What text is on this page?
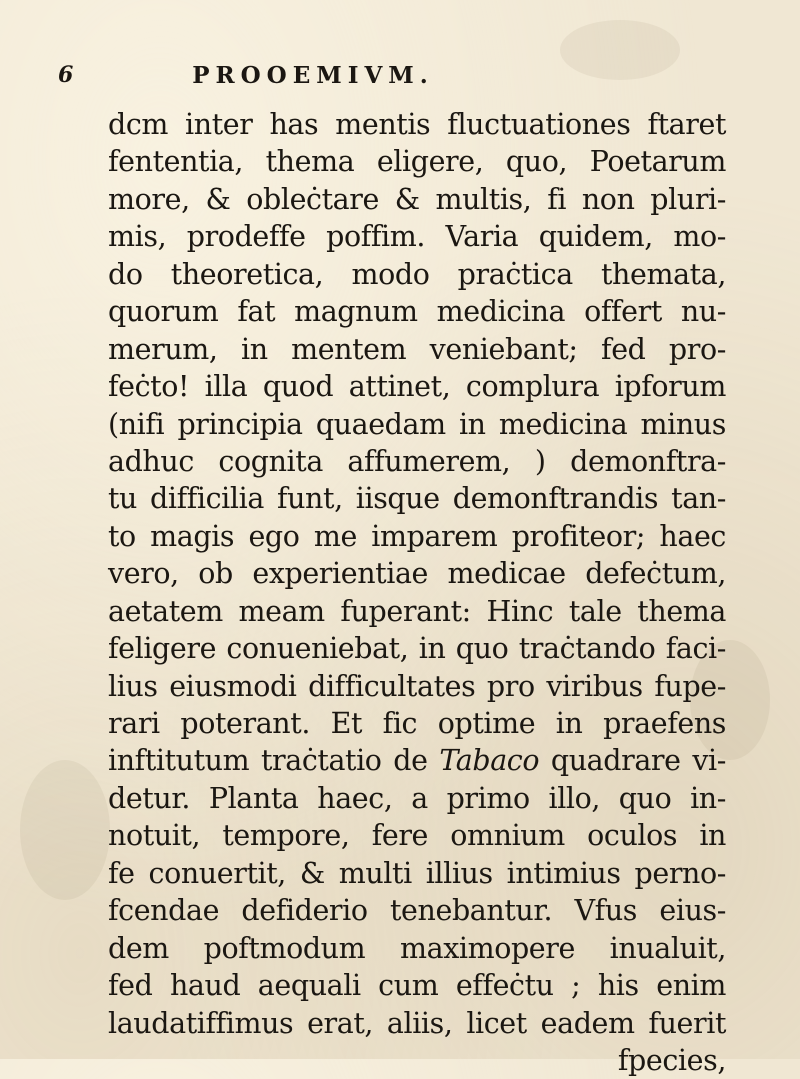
6	PROOEMIVM.
dcm inter has mentis fluctuationes ftaret
fententia, thema eligere, quo, Poetarum
more, & obleċtare & multis, fi non pluri-
mis, prodeffe poffim. Varia quidem, mo-
do theoretica, modo praċtica themata,
quorum fat magnum medicina offert nu-
merum, in mentem veniebant; fed pro-
feċto! illa quod attinet, complura ipforum
(nifi principia quaedam in medicina minus
adhuc cognita affumerem, ) demonftra-
tu difficilia funt, iisque demonftrandis tan-
to magis ego me imparem profiteor; haec
vero, ob experientiae medicae defeċtum,
aetatem meam fuperant: Hinc tale thema
feligere conueniebat, in quo traċtando faci-
lius eiusmodi difficultates pro viribus fupe-
rari poterant. Et fic optime in praefens
inftitutum traċtatio de Tabaco quadrare vi-
detur. Planta haec, a primo illo, quo in-
notuit, tempore, fere omnium oculos in
fe conuertit, & multi illius intimius perno-
fcendae defiderio tenebantur. Vfus eius-
dem poftmodum maximopere inualuit,
fed haud aequali cum effeċtu ; his enim
laudatiffimus erat, aliis, licet eadem fuerit
fpecies,
